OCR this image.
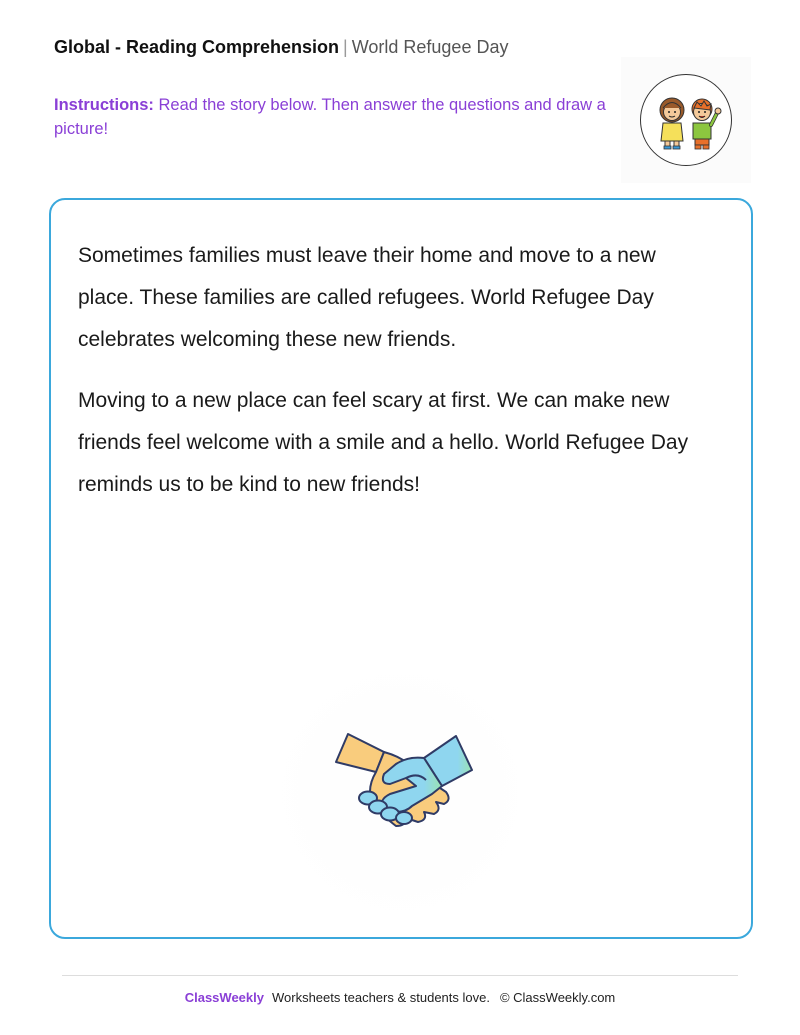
Global - Reading Comprehension | World Refugee Day
Instructions: Read the story below. Then answer the questions and draw a picture!

Sometimes families must leave their home and move to a new place. These families are called refugees. World Refugee Day celebrates welcoming these new friends.

Moving to a new place can feel scary at first. We can make new friends feel welcome with a smile and a hello. World Refugee Day reminds us to be kind to new friends!

ClassWeekly Worksheets teachers & students love. © ClassWeekly.com
